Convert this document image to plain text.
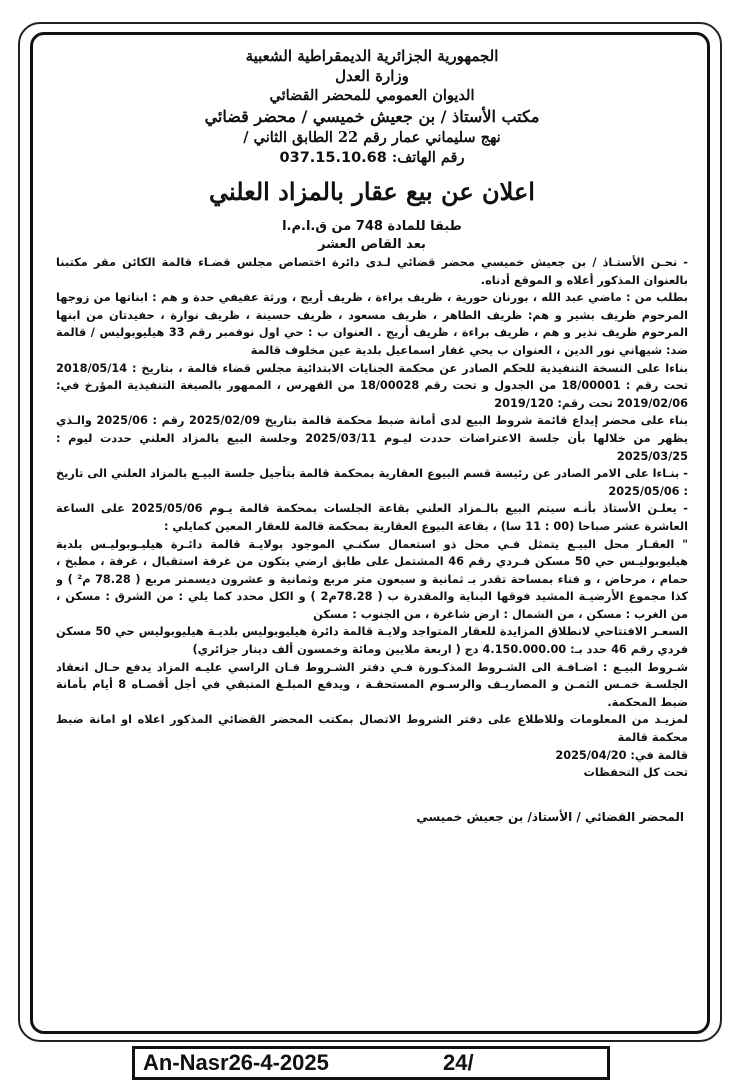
الجمهورية الجزائرية الديمقراطية الشعبية
وزارة العدل
الديوان العمومي للمحضر القضائي
مكتب الأستاذ / بن جعيش خميسي / محضر قضائي
نهج سليماني عمار رقم 22 الطابق الثاني /
رقم الهاتف: 037.15.10.68
اعلان عن بيع عقار بالمزاد العلني
طبقا للمادة 748 من ق.ا.م.ا
بعد القاص العشر

- نحـن الأستـاذ / بن جعيش خميسي محضر قضائي لـدى دائرة اختصاص مجلس قضـاء قالمة الكائن مقر مكتبنا بالعنوان المذكور أعلاه و الموقع أدناه.

بطلب من : ماضي عبد الله ، بورنان حورية ، ظريف براءة ، ظريف أريج ، ورثة عفيفي حدة و هم : ابناتها من زوجها المرحوم ظريف بشير و هم: ظريف الطاهر ، ظريف مسعود ، ظريف حسينة ، ظريف نوارة ، حفيدتان من ابنها المرحوم ظريف نذير و هم ، ظريف براءة ، ظريف أريج . العنوان ب : حي اول نوفمبر رقم 33 هيليوبوليس / قالمة ضد: شيهاني نور الدين ، العنوان ب يحي غفار اسماعيل بلدية عين مخلوف قالمة

بناءا على النسخة التنفيذية للحكم الصادر عن محكمة الجنايات الابتدائية مجلس قضاء قالمة ، بتاريخ : 2018/05/14 تحت رقم : 18/00001 من الجدول و تحت رقم 18/00028 من الفهرس ، الممهور بالصيغة التنفيذية المؤرخ في: 2019/02/06 تحت رقم: 2019/120

بناء على محضر إيداع قائمة شروط البيع لدى أمانة ضبط محكمة قالمة بتاريخ 2025/02/09 رقم : 2025/06 والـذي يظهر من خلالها بأن جلسة الاعتراضات حددت ليـوم 2025/03/11 وجلسة البيع بالمزاد العلني حددت ليوم : 2025/03/25

- بنـاءا على الامر الصادر عن رئيسة قسم البيوع العقارية بمحكمة قالمة بتأجيل جلسة البيـع بالمزاد العلني الى تاريخ : 2025/05/06

- يعلـن الأستاذ بأنـه سيتم البيع بالـمزاد العلني بقاعة الجلسات بمحكمة قالمة يـوم 2025/05/06 على الساعة العاشرة عشر صباحا (00 : 11 سا) ، بقاعة البيوع العقارية بمحكمة قالمة للعقار المعين كمايلي :

" العقـار محل البيـع يتمثل فـي محل ذو استعمال سكنـي الموجود بولايـة قالمة دائـرة هيليـوبوليـس بلدية هيليوبوليـس حي 50 مسكن فـردي رقم 46 المشتمل على طابق ارضي يتكون من غرفة استقبال ، غرفة ، مطبخ ، حمام ، مرحاض ، و فناء بمساحة تقدر بـ ثمانية و سبعون متر مربع وثمانية و عشرون ديسمتر مربع ( 78.28 م² ) و كذا مجموع الأرضيـة المشيد فوقها البناية والمقدرة ب ( 78.28م2 ) و الكل محدد كما يلي : من الشرق : مسكن ، من الغرب : مسكن ، من الشمال : ارض شاغرة ، من الجنوب : مسكن

السعـر الافتتاحي لانطلاق المزايدة للعقار المتواجد ولايـة قالمة دائرة هيليوبوليس بلديـة هيليوبوليس حي 50 مسكن فردي رقم 46 حدد بـ: 4.150.000.00 دج ( اربعة ملايين ومائة وخمسون ألف دينار جزائري)

شـروط البيـع : اضـافـة الى الشـروط المذكـورة فـي دفتر الشـروط فـان الراسي عليـه المزاد يدفع حـال انعقاد الجلسـة خمـس الثمـن و المصاريـف والرسـوم المستحقـة ، ويدفع المبلـغ المتبقي في أجل أقصـاه 8 أيام بأمانة ضبط المحكمة.

لمزيـد من المعلومات وللاطلاع على دفتر الشروط الاتصال بمكتب المحضر القضائي المذكور اعلاه او امانة ضبط محكمة قالمة

قالمة في: 2025/04/20

تحت كل التحفظات

المحضر القضائي / الأستاذ/ بن جعيش خميسي
An-Nasr26-4-2025	24/
